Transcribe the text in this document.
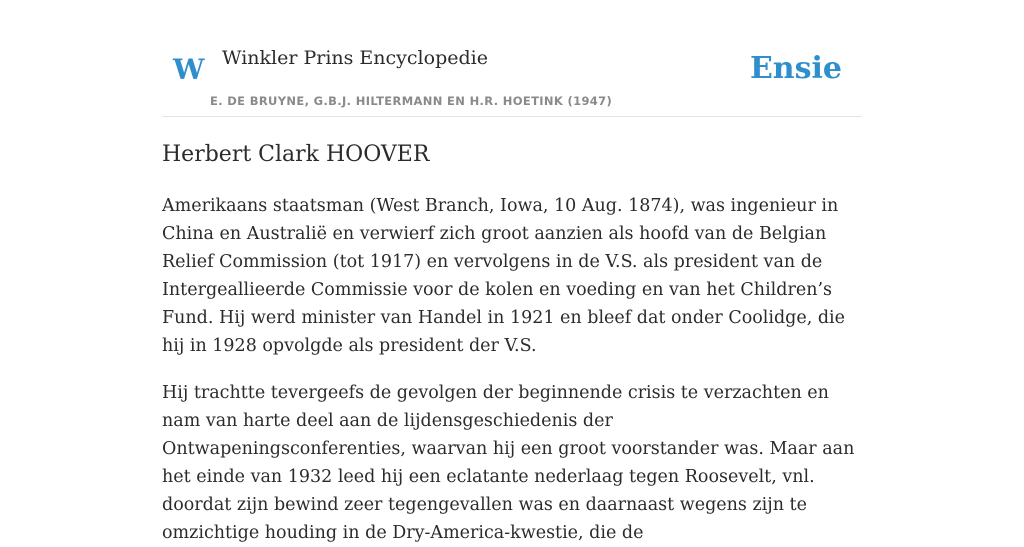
W Winkler Prins Encyclopedie
E. DE BRUYNE, G.B.J. HILTERMANN EN H.R. HOETINK (1947)
Ensie
Herbert Clark HOOVER

Amerikaans staatsman (West Branch, Iowa, 10 Aug. 1874), was ingenieur in China en Australië en verwierf zich groot aanzien als hoofd van de Belgian Relief Commission (tot 1917) en vervolgens in de V.S. als president van de Intergeallieerde Commissie voor de kolen en voeding en van het Children’s Fund. Hij werd minister van Handel in 1921 en bleef dat onder Coolidge, die hij in 1928 opvolgde als president der V.S.

Hij trachtte tevergeefs de gevolgen der beginnende crisis te verzachten en nam van harte deel aan de lijdensgeschiedenis der Ontwapeningsconferenties, waarvan hij een groot voorstander was. Maar aan het einde van 1932 leed hij een eclatante nederlaag tegen Roosevelt, vnl. doordat zijn bewind zeer tegengevallen was en daarnaast wegens zijn te omzichtige houding in de Dry-America-kwestie, die de
